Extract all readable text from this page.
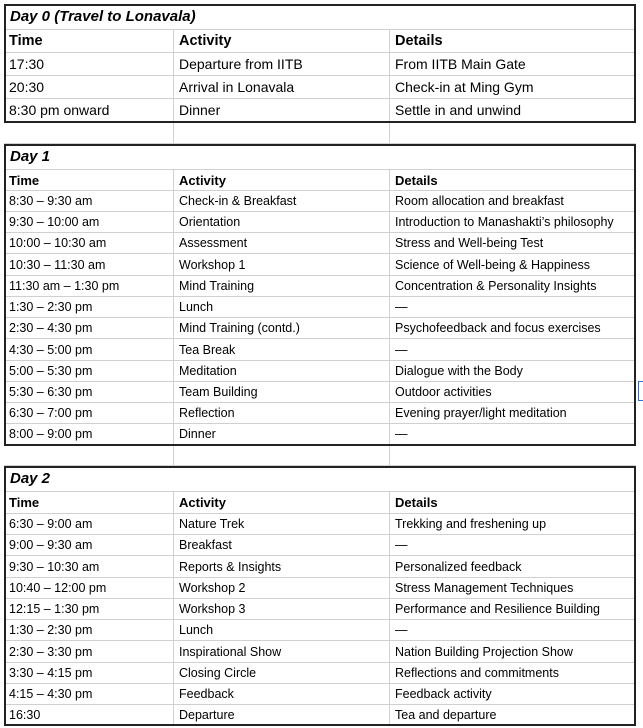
Day 0 (Travel to Lonavala)
Time	Activity	Details
17:30	Departure from IITB	From IITB Main Gate
20:30	Arrival in Lonavala	Check-in at Ming Gym
8:30 pm onward	Dinner	Settle in and unwind
Day 1
Time	Activity	Details
8:30 – 9:30 am	Check-in & Breakfast	Room allocation and breakfast
9:30 – 10:00 am	Orientation	Introduction to Manashakti’s philosophy
10:00 – 10:30 am	Assessment	Stress and Well-being Test
10:30 – 11:30 am	Workshop 1	Science of Well-being & Happiness
11:30 am – 1:30 pm	Mind Training	Concentration & Personality Insights
1:30 – 2:30 pm	Lunch	—
2:30 – 4:30 pm	Mind Training (contd.)	Psychofeedback and focus exercises
4:30 – 5:00 pm	Tea Break	—
5:00 – 5:30 pm	Meditation	Dialogue with the Body
5:30 – 6:30 pm	Team Building	Outdoor activities
6:30 – 7:00 pm	Reflection	Evening prayer/light meditation
8:00 – 9:00 pm	Dinner	—
Day 2
Time	Activity	Details
6:30 – 9:00 am	Nature Trek	Trekking and freshening up
9:00 – 9:30 am	Breakfast	—
9:30 – 10:30 am	Reports & Insights	Personalized feedback
10:40 – 12:00 pm	Workshop 2	Stress Management Techniques
12:15 – 1:30 pm	Workshop 3	Performance and Resilience Building
1:30 – 2:30 pm	Lunch	—
2:30 – 3:30 pm	Inspirational Show	Nation Building Projection Show
3:30 – 4:15 pm	Closing Circle	Reflections and commitments
4:15 – 4:30 pm	Feedback	Feedback activity
16:30	Departure	Tea and departure
